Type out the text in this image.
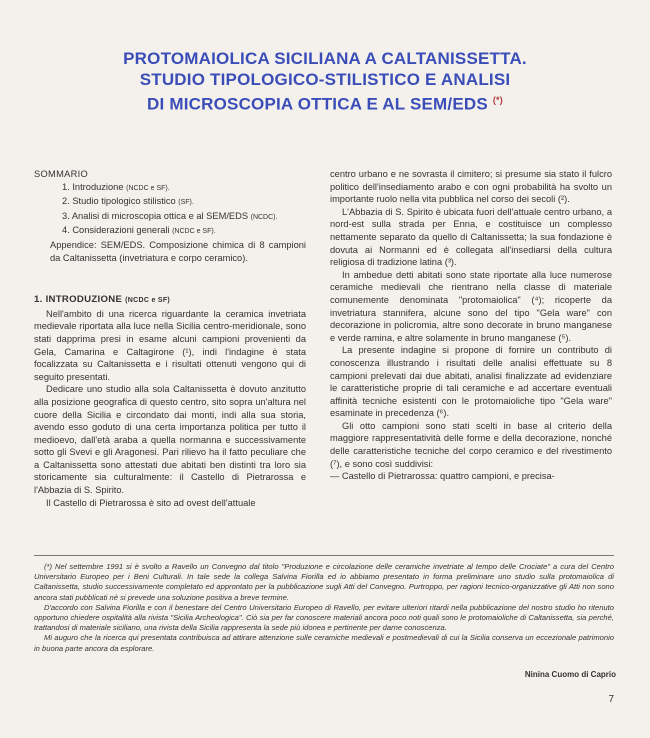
PROTOMAIOLICA SICILIANA A CALTANISSETTA.
STUDIO TIPOLOGICO-STILISTICO E ANALISI
DI MICROSCOPIA OTTICA E AL SEM/EDS (*)

SOMMARIO

1. Introduzione (NCDC e SF).

2. Studio tipologico stilistico (SF).

3. Analisi di microscopia ottica e al SEM/EDS (NCDC).

4. Considerazioni generali (NCDC e SF).

Appendice: SEM/EDS. Composizione chimica di 8 campioni da Caltanissetta (invetriatura e corpo ceramico).

1. INTRODUZIONE (NCDC e SF)

Nell'ambito di una ricerca riguardante la ceramica invetriata medievale riportata alla luce nella Sicilia centro-meridionale, sono stati dapprima presi in esame alcuni campioni provenienti da Gela, Camarina e Caltagirone (¹), indi l'indagine è stata focalizzata su Caltanissetta e i risultati ottenuti vengono qui di seguito presentati.

Dedicare uno studio alla sola Caltanissetta è dovuto anzitutto alla posizione geografica di questo centro, sito sopra un'altura nel cuore della Sicilia e circondato dai monti, indi alla sua storia, avendo esso goduto di una certa importanza politica per tutto il medioevo, dall'età araba a quella normanna e successivamente sotto gli Svevi e gli Aragonesi. Pari rilievo ha il fatto peculiare che a Caltanissetta sono attestati due abitati ben distinti tra loro sia storicamente sia culturalmente: il Castello di Pietrarossa e l'Abbazia di S. Spirito.

Il Castello di Pietrarossa è sito ad ovest dell'attuale

centro urbano e ne sovrasta il cimitero; si presume sia stato il fulcro politico dell'insediamento arabo e con ogni probabilità ha svolto un importante ruolo nella vita pubblica nel corso dei secoli (²).

L'Abbazia di S. Spirito è ubicata fuori dell'attuale centro urbano, a nord-est sulla strada per Enna, e costituisce un complesso nettamente separato da quello di Caltanissetta; la sua fondazione è dovuta ai Normanni ed è collegata all'insediarsi della cultura religiosa di tradizione latina (³).

In ambedue detti abitati sono state riportate alla luce numerose ceramiche medievali che rientrano nella classe di materiale comunemente denominata "protomaiolica" (⁴); ricoperte da invetriatura stannifera, alcune sono del tipo "Gela ware" con decorazione in policromia, altre sono decorate in bruno manganese e verde ramina, e altre solamente in bruno manganese (⁵).

La presente indagine si propone di fornire un contributo di conoscenza illustrando i risultati delle analisi effettuate su 8 campioni prelevati dai due abitati, analisi finalizzate ad evidenziare le caratteristiche proprie di tali ceramiche e ad accertare eventuali affinità tecniche esistenti con le protomaioliche tipo "Gela ware" esaminate in precedenza (⁶).

Gli otto campioni sono stati scelti in base al criterio della maggiore rappresentatività delle forme e della decorazione, nonché delle caratteristiche tecniche del corpo ceramico e del rivestimento (⁷), e sono così suddivisi:

— Castello di Pietrarossa: quattro campioni, e precisa-

(*) Nel settembre 1991 si è svolto a Ravello un Convegno dal titolo "Produzione e circolazione delle ceramiche invetriate al tempo delle Crociate" a cura del Centro Universitario Europeo per i Beni Culturali. In tale sede la collega Salvina Fiorilla ed io abbiamo presentato in forma preliminare uno studio sulla protomaiolica di Caltanissetta, studio successivamente completato ed approntato per la pubblicazione sugli Atti del Convegno. Purtroppo, per ragioni tecnico-organizzative gli Atti non sono ancora stati pubblicati né si prevede una soluzione positiva a breve termine.

D'accordo con Salvina Fiorilla e con il benestare del Centro Universitario Europeo di Ravello, per evitare ulteriori ritardi nella pubblicazione del nostro studio ho ritenuto opportuno chiedere ospitalità alla rivista "Sicilia Archeologica". Ciò sia per far conoscere materiali ancora poco noti quali sono le protomaioliche di Caltanissetta, sia perché, trattandosi di materiale siciliano, una rivista della Sicilia rappresenta la sede più idonea e pertinente per darne conoscenza.

Mi auguro che la ricerca qui presentata contribuisca ad attirare attenzione sulle ceramiche medievali e postmedievali di cui la Sicilia conserva un eccezionale patrimonio in buona parte ancora da esplorare.

Ninina Cuomo di Caprio
7
